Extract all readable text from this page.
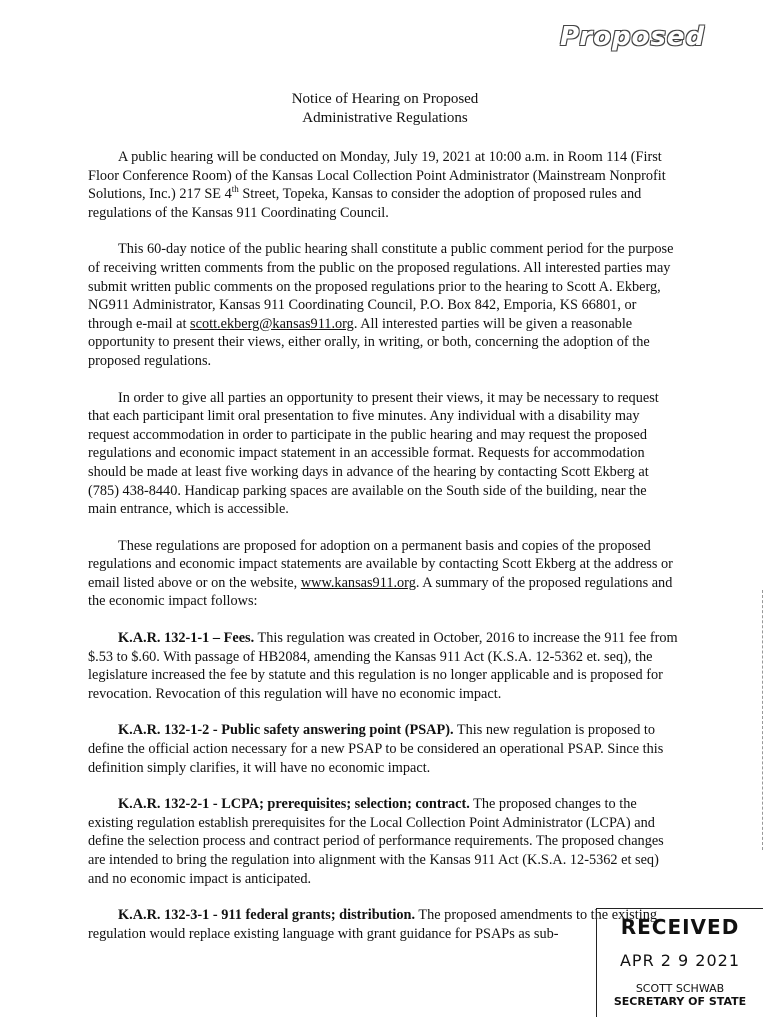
Proposed
Notice of Hearing on Proposed
Administrative Regulations

A public hearing will be conducted on Monday, July 19, 2021 at 10:00 a.m. in Room 114 (First Floor Conference Room) of the Kansas Local Collection Point Administrator (Mainstream Nonprofit Solutions, Inc.) 217 SE 4th Street, Topeka, Kansas to consider the adoption of proposed rules and regulations of the Kansas 911 Coordinating Council.

This 60-day notice of the public hearing shall constitute a public comment period for the purpose of receiving written comments from the public on the proposed regulations. All interested parties may submit written public comments on the proposed regulations prior to the hearing to Scott A. Ekberg, NG911 Administrator, Kansas 911 Coordinating Council, P.O. Box 842, Emporia, KS 66801, or through e-mail at scott.ekberg@kansas911.org. All interested parties will be given a reasonable opportunity to present their views, either orally, in writing, or both, concerning the adoption of the proposed regulations.

In order to give all parties an opportunity to present their views, it may be necessary to request that each participant limit oral presentation to five minutes. Any individual with a disability may request accommodation in order to participate in the public hearing and may request the proposed regulations and economic impact statement in an accessible format. Requests for accommodation should be made at least five working days in advance of the hearing by contacting Scott Ekberg at (785) 438-8440. Handicap parking spaces are available on the South side of the building, near the main entrance, which is accessible.

These regulations are proposed for adoption on a permanent basis and copies of the proposed regulations and economic impact statements are available by contacting Scott Ekberg at the address or email listed above or on the website, www.kansas911.org. A summary of the proposed regulations and the economic impact follows:

K.A.R. 132-1-1 – Fees. This regulation was created in October, 2016 to increase the 911 fee from $.53 to $.60. With passage of HB2084, amending the Kansas 911 Act (K.S.A. 12-5362 et. seq), the legislature increased the fee by statute and this regulation is no longer applicable and is proposed for revocation. Revocation of this regulation will have no economic impact.

K.A.R. 132-1-2 - Public safety answering point (PSAP). This new regulation is proposed to define the official action necessary for a new PSAP to be considered an operational PSAP. Since this definition simply clarifies, it will have no economic impact.

K.A.R. 132-2-1 - LCPA; prerequisites; selection; contract. The proposed changes to the existing regulation establish prerequisites for the Local Collection Point Administrator (LCPA) and define the selection process and contract period of performance requirements. The proposed changes are intended to bring the regulation into alignment with the Kansas 911 Act (K.S.A. 12-5362 et seq) and no economic impact is anticipated.

K.A.R. 132-3-1 - 911 federal grants; distribution. The proposed amendments to the existing regulation would replace existing language with grant guidance for PSAPs as sub-	RECEIVED
APR 2 9 2021
SCOTT SCHWAB
SECRETARY OF STATE
